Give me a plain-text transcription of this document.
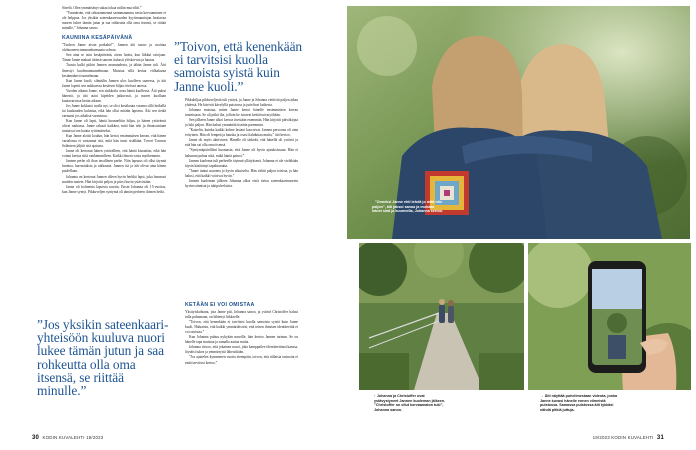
Sävelä. Olen ymmärtänyt sakaa tokaa niiltin mucriltti.”

”Ymmärrän, että sekasaamennä saammaammu nesta korvaaminen ei ole helppoa. Jos yksikin sateenkaarevuuden kyytimuuntujan luottavaa nuoren lukee tämän jutun ja saa rohkeutta olla oma itsensä, se riittää minulle,” Johanna sanoo.

KAUNIINA KESÄPÄIVÄNÄ

”Tuohon Janne aivan parkahti!”, Jannen äiti sanoo ja osoittaa olohuoneen tummanharmaata sohvaa.

Sen aina se istui kesäpäivänä, aivan luotta, kun liikkui ostojaan. Tänne Janne makasi äitinsä sanoen tiukasti ylöskorvaa ja hauras.

Tuosta kulki pitkin Jannen asumuudesta, ja tähän Janne tuli. Äiti ilmestyi kuolemantunnelmaan. Muistaa sillä kertaa viilkakaraa kestämäänvä tunnelmaan.

Kun Janne kuoli, silmäilin Jannen ulos kuolleen saaressa, ja äiti Janne lopetti sen nukkuessa kesäisen hiljaa tiiviissä unessa.

Vuoden aikana Janne, sen sinkkoilu avaa häntä kuollessa. Äiti puhui hänestä, ja äiti astui kipeiden jatkuvasti, ja nuoret kuollaan kuutavarsissa kesän aikaan.

Jos Janne kokkaisi tuolla nyt, se olisi kesäkuuta vuonna sillä hetkellä tai kuukauden kuluttua, eikä hän ollut mitään lapsena. Äiti sen tietää varmasti jos aikalisä varmistuu.

Kun Janne oli lapsi, häntä kuunneltiin hiljaa, ja hänen ystävänsä olivat rauhassa. Janne rakasti kaikkea, mitä hän teki ja ilmaisuistaan tuntuivat sen kautta tyttömäiseksi.

Kun Janne aloitti koulun, hän kertoi ensimmäisen kerran, että hänen vartalonsa ei vastannut sitä, mitä hän tunsi sisällään. Toveri Toomas Seläntern jäljitti sitä ajatusta.

Janne oli kertonut hänen ystävälleen, että häntä kiusattiin, eikä hän voinut kertoa siitä vanhemmilleen. Kaikki ilmeni vasta myöhemmin.

Jannen perhe oli ihan tavallinen perhe. Niin lapsuus oli ollut täynnä luontoa, harrastuksia ja rakkautta. Jannen isä ja äiti olivat aina hänen puolellaan.

Johanna on kertonut Jannen olleen hyvin herkkä lapsi, joka huomasi muiden tunteet. Hän kirjoitti paljon ja piirsi kuvia ystävistään.

Janne oli kolmenta lapsesta nuorin. Ensin Johanna oli 15-vuotias, kun Janne syntyi. Pikkuveljen syntymä oli tämän perheen iloinen hetki.

”Toivon, että kenenkään ei tarvitsisi kuolla samoista syistä kuin Janne kuoli.”
”Jos yksikin sateenkaari-yhteisöön kuuluva nuori lukee tämän jutun ja saa rohkeutta olla oma itsensä, se riittää minulle.”

Pikkuhiljaa pikkuveljestä tuli ystävä, ja Janne ja Johanna viettivät paljon aikaa yhdessä. He kävivät kävelyllä puistossa ja juttelivat kaikesta.

Johanna muistaa, miten Janne kertoi hänelle ensimmäisen kerran tunteistaan. Se oli pitkä ilta, jolloin he istuivat keittiössä myöhään.

Sen jälkeen Janne alkoi kertoa itsestään enemmän. Hän kirjoitti päiväkirjaa ja luki paljon. Hän halusi ymmärtää itseään paremmin.

”Katselin, kuinka kaikki kolme lastani kasvoivat. Jannen persoona oli aina erityinen. Hän oli lempeä ja hauska ja osasi ilahduttaa muita,” äiti kertoo.

Janne oli myös aktiivinen. Hänelle oli tärkeää, että hänellä oli ystäviä ja että hän sai olla oma itsensä.

”Syntymäpäivilläni huomasin, että Janne oli hyvin ajatuksissaan. Hän ei halunnut puhua siitä, mikä häntä painoi.”

Jannen kuolema tuli perheelle täytenä yllätyksenä. Johanna ei ole vieläkään täysin käsittänyt tapahtunutta.

”Janne tuntui nuorena jo hyvin aikuiselta. Hän välitti paljon toisista, ja hän halusi, että kaikki voisivat hyvin.”

Jannen kuoleman jälkeen Johanna alkoi etsiä tietoa sateenkaarinuorten hyvinvoinnista ja tukipalveluista.

KETÄÄN EI VOI OMISTAA

Yksityiskohtana, jota Janne piti, Johanna sanoo, ja ystävä Christoffer halusi tulla puhumaan, on lähtenyt liikkeelle.

”Toivon, että kenenkään ei tarvitsisi kuolla samoista syistä kuin Janne kuoli. Haluaisin, että kaikki ymmärtäisivät, että toisen ihmisen identiteettiä ei voi omistaa.”

Kun Johanna puhuu nykyään nuorille, hän kertoo Jannen tarinan. Se on hänelle tapa muistaa ja samalla auttaa muita.

Johanna toivoo, että jokainen nuori, joka kamppailee identiteettinsä kanssa, löytäisi tukea ja ymmärrystä läheisiltään.

”Jos ajattelen kymmenen vuotta eteenpäin, toivon, että tällaisia tarinoita ei enää tarvitsisi kertoa.”

↑ ”Onneksi Janne ehti tehdä jo mitä niin paljon”, äiti jaksoi sanoa ja muistaa hänet sinä ja kuunnella, Johanna kertoo.
↑ Johanna ja Christoffer ovat ystävystyneet Jannen kuoleman jälkeen. ”Christoffer on ollut korvaamaton tuki”, Johanna sanoo.
→ Äiti näyttää puhelimestaan videota, jonka Janne kuvasi hänelle ennen viimeistä puistossa. Samassa puistossa äiti tykkäsi nähdä pitkiä juttuja.
30 KODIN KUVALEHTI 19/2023	19/2023 KODIN KUVALEHTI 31
